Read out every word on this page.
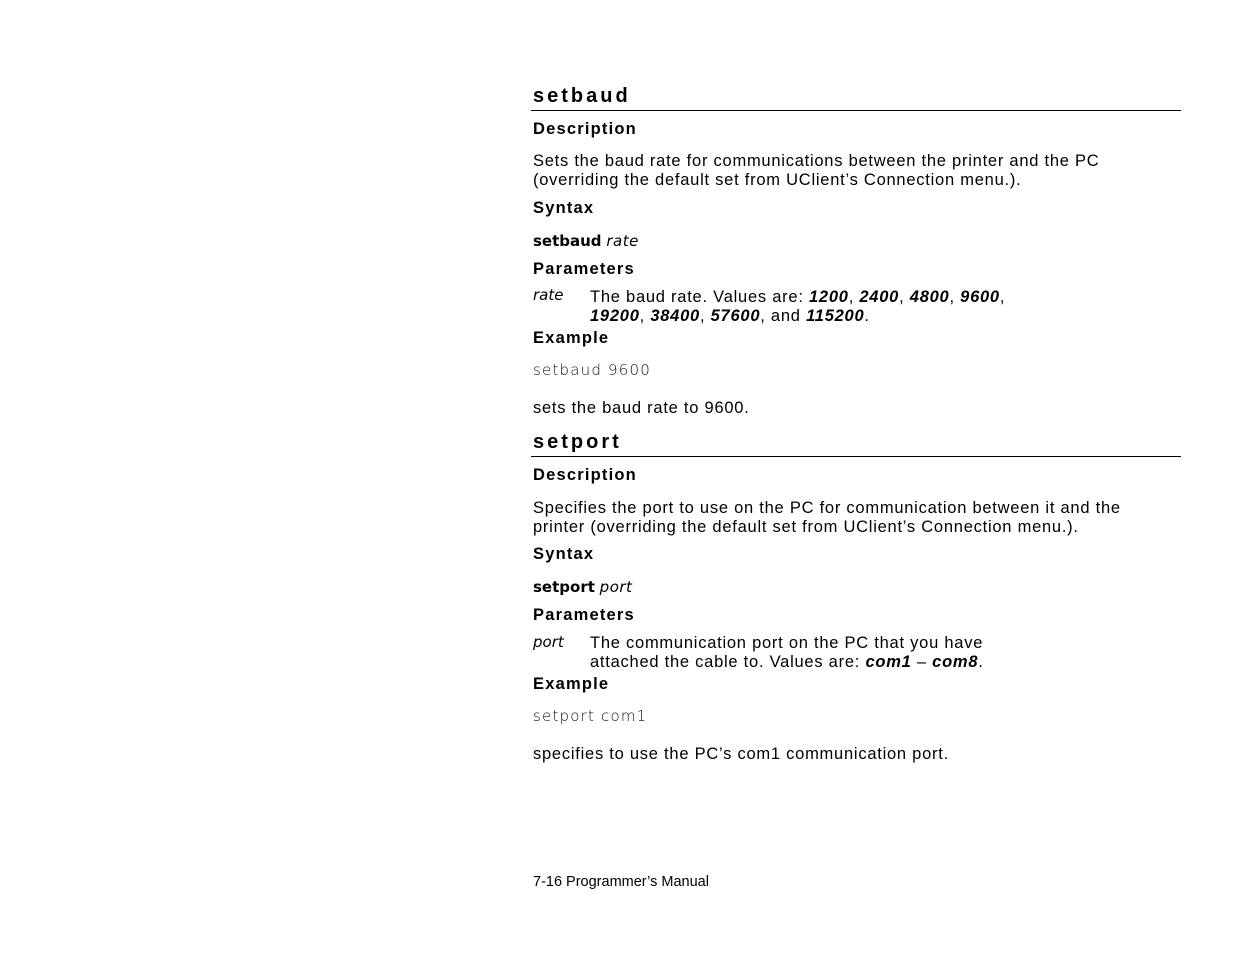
setbaud
Description
Sets the baud rate for communications between the printer and the PC
(overriding the default set from UClient’s Connection menu.).
Syntax
setbaud rate
Parameters
rate The baud rate. Values are: 1200, 2400, 4800, 9600,
19200, 38400, 57600, and 115200.
Example
setbaud 9600
sets the baud rate to 9600.
setport
Description
Specifies the port to use on the PC for communication between it and the
printer (overriding the default set from UClient’s Connection menu.).
Syntax
setport port
Parameters
port The communication port on the PC that you have
attached the cable to. Values are: com1 – com8.
Example
setport com1
specifies to use the PC’s com1 communication port.
7-16 Programmer’s Manual
